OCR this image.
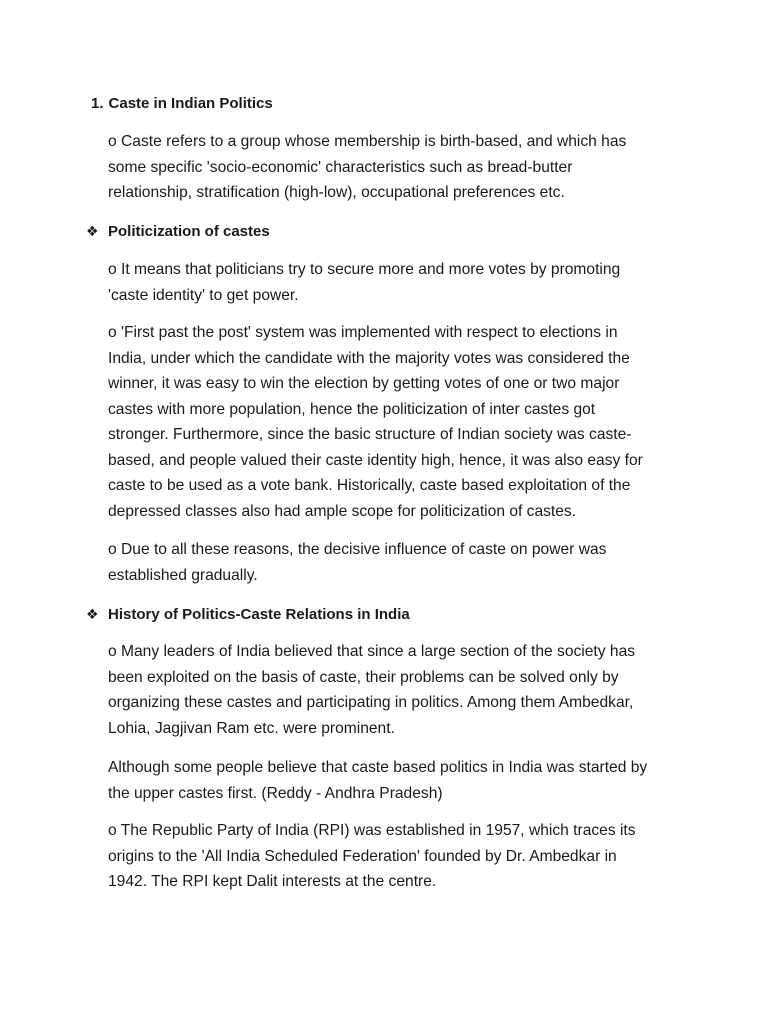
1. Caste in Indian Politics

o Caste refers to a group whose membership is birth-based, and which has
some specific 'socio-economic' characteristics such as bread-butter
relationship, stratification (high-low), occupational preferences etc.

❖ Politicization of castes

o It means that politicians try to secure more and more votes by promoting
'caste identity' to get power.

o 'First past the post' system was implemented with respect to elections in
India, under which the candidate with the majority votes was considered the
winner, it was easy to win the election by getting votes of one or two major
castes with more population, hence the politicization of inter castes got
stronger. Furthermore, since the basic structure of Indian society was caste-
based, and people valued their caste identity high, hence, it was also easy for
caste to be used as a vote bank. Historically, caste based exploitation of the
depressed classes also had ample scope for politicization of castes.

o Due to all these reasons, the decisive influence of caste on power was
established gradually.

❖ History of Politics-Caste Relations in India

o Many leaders of India believed that since a large section of the society has
been exploited on the basis of caste, their problems can be solved only by
organizing these castes and participating in politics. Among them Ambedkar,
Lohia, Jagjivan Ram etc. were prominent.

Although some people believe that caste based politics in India was started by
the upper castes first. (Reddy - Andhra Pradesh)

o The Republic Party of India (RPI) was established in 1957, which traces its
origins to the 'All India Scheduled Federation' founded by Dr. Ambedkar in
1942. The RPI kept Dalit interests at the centre.
